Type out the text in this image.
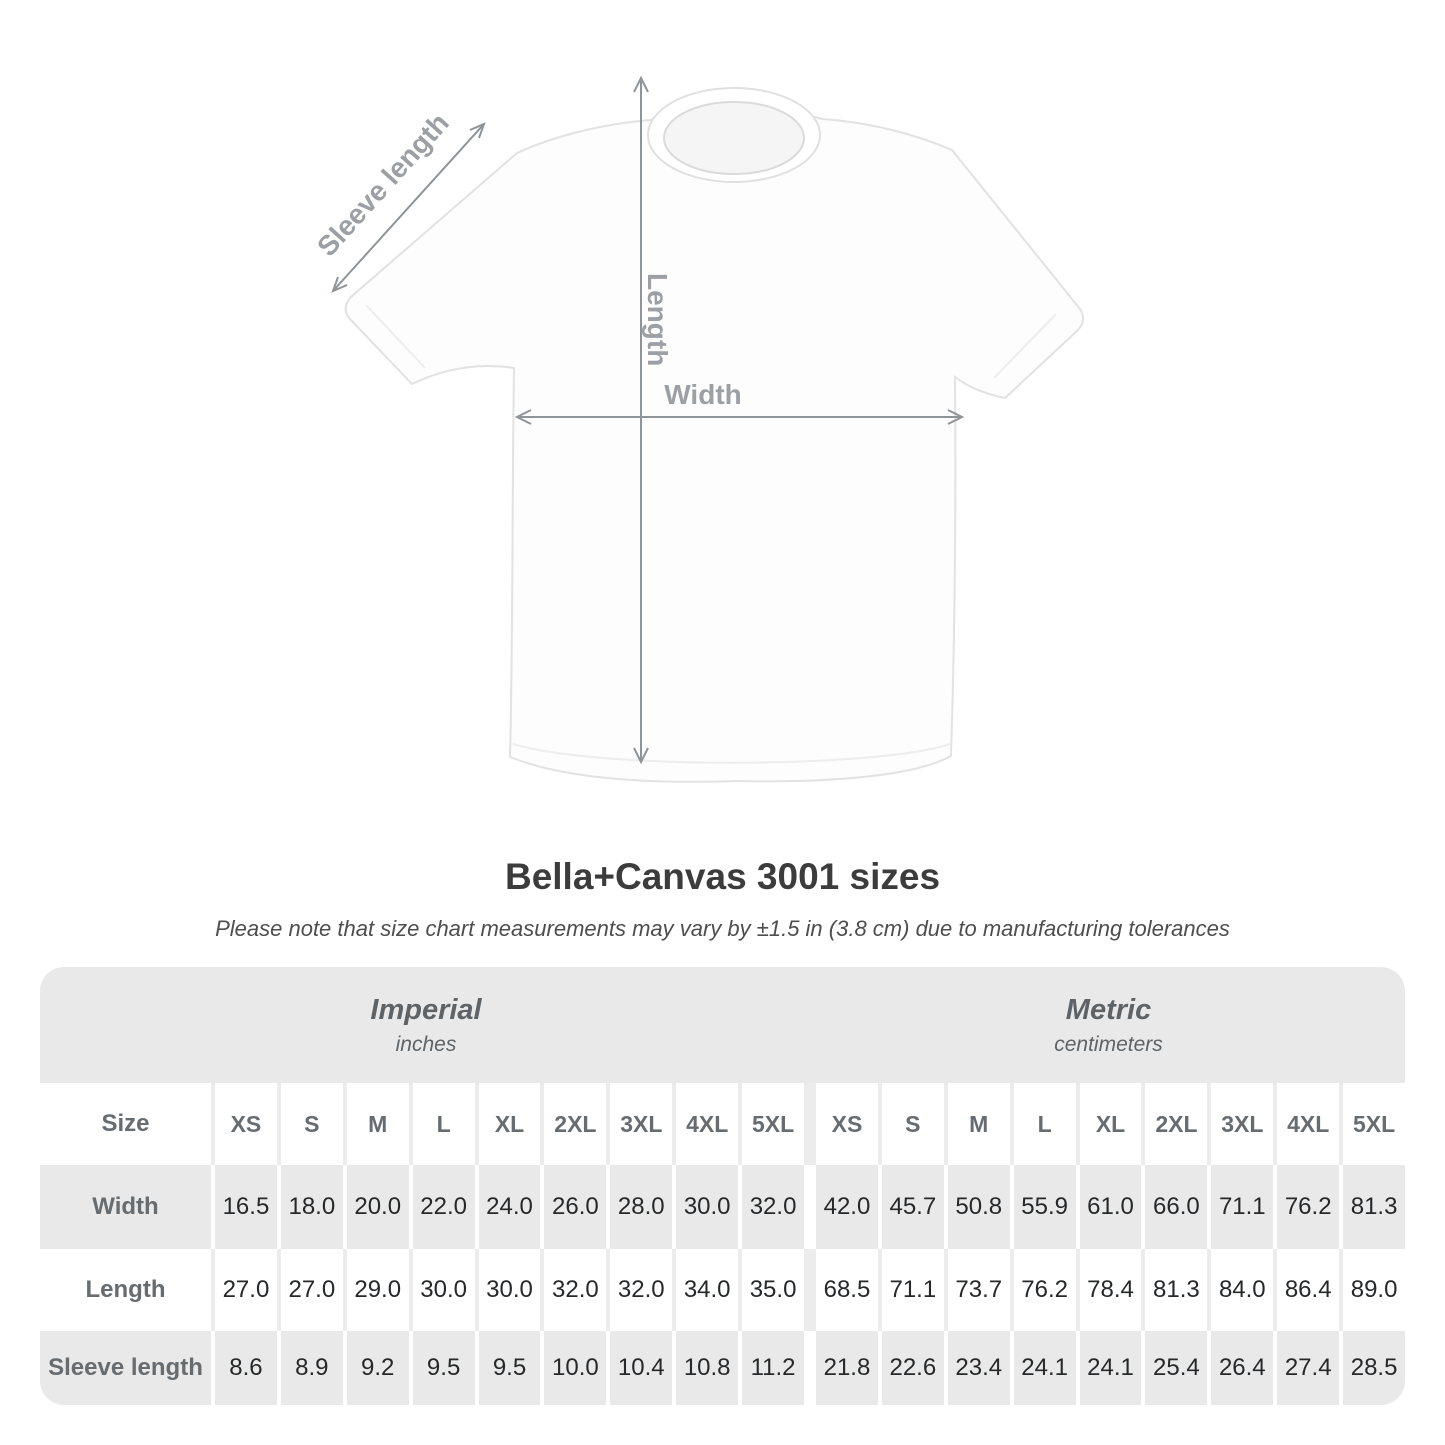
Length
Width
Sleeve length
Bella+Canvas 3001 sizes
Please note that size chart measurements may vary by ±1.5 in (3.8 cm) due to manufacturing tolerances
Imperial
inches
Metric
centimeters
Size	XS S M L XL 2XL 3XL 4XL 5XL XS S M L XL 2XL 3XL 4XL 5XL
Width	16.5 18.0 20.0 22.0 24.0 26.0 28.0 30.0 32.0 42.0 45.7 50.8 55.9 61.0 66.0 71.1 76.2 81.3
Length 27.0 27.0 29.0 30.0 30.0 32.0 32.0 34.0 35.0 68.5 71.1 73.7 76.2 78.4 81.3 84.0 86.4 89.0
Sleeve length 8.6 8.9 9.2 9.5 9.5 10.0 10.4 10.8 11.2 21.8 22.6 23.4 24.1 24.1 25.4 26.4 27.4 28.5
